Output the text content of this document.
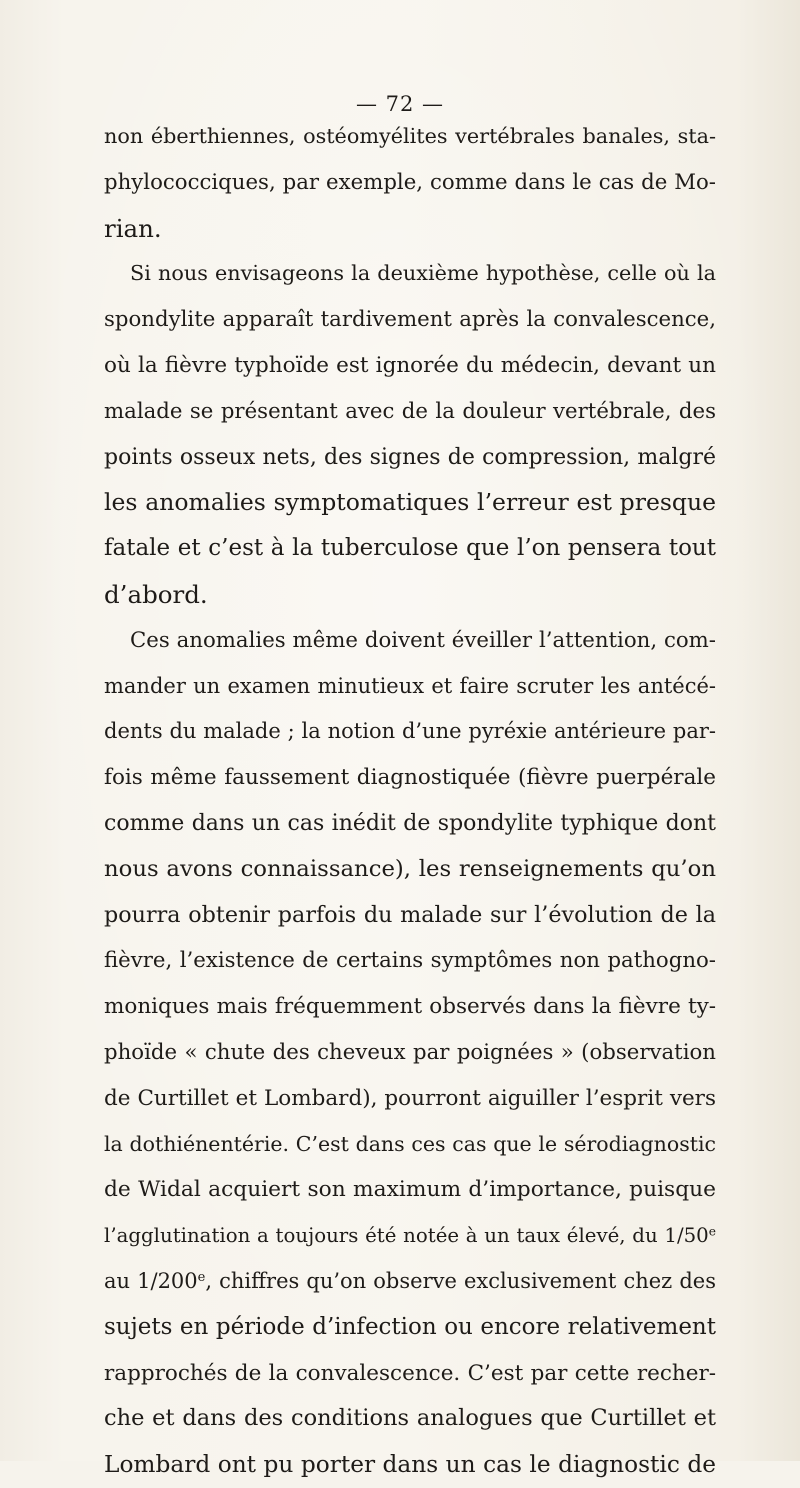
— 72 —
non éberthiennes, ostéomyélites vertébrales banales, sta-
phylococciques, par exemple, comme dans le cas de Mo-
rian.
Si nous envisageons la deuxième hypothèse, celle où la
spondylite apparaît tardivement après la convalescence,
où la fièvre typhoïde est ignorée du médecin, devant un
malade se présentant avec de la douleur vertébrale, des
points osseux nets, des signes de compression, malgré
les anomalies symptomatiques l’erreur est presque
fatale et c’est à la tuberculose que l’on pensera tout
d’abord.
Ces anomalies même doivent éveiller l’attention, com-
mander un examen minutieux et faire scruter les antécé-
dents du malade ; la notion d’une pyréxie antérieure par-
fois même faussement diagnostiquée (fièvre puerpérale
comme dans un cas inédit de spondylite typhique dont
nous avons connaissance), les renseignements qu’on
pourra obtenir parfois du malade sur l’évolution de la
fièvre, l’existence de certains symptômes non pathogno-
moniques mais fréquemment observés dans la fièvre ty-
phoïde « chute des cheveux par poignées » (observation
de Curtillet et Lombard), pourront aiguiller l’esprit vers
la dothiénentérie. C’est dans ces cas que le sérodiagnostic
de Widal acquiert son maximum d’importance, puisque
l’agglutination a toujours été notée à un taux élevé, du 1/50e
au 1/200e, chiffres qu’on observe exclusivement chez des
sujets en période d’infection ou encore relativement
rapprochés de la convalescence. C’est par cette recher-
che et dans des conditions analogues que Curtillet et
Lombard ont pu porter dans un cas le diagnostic de
